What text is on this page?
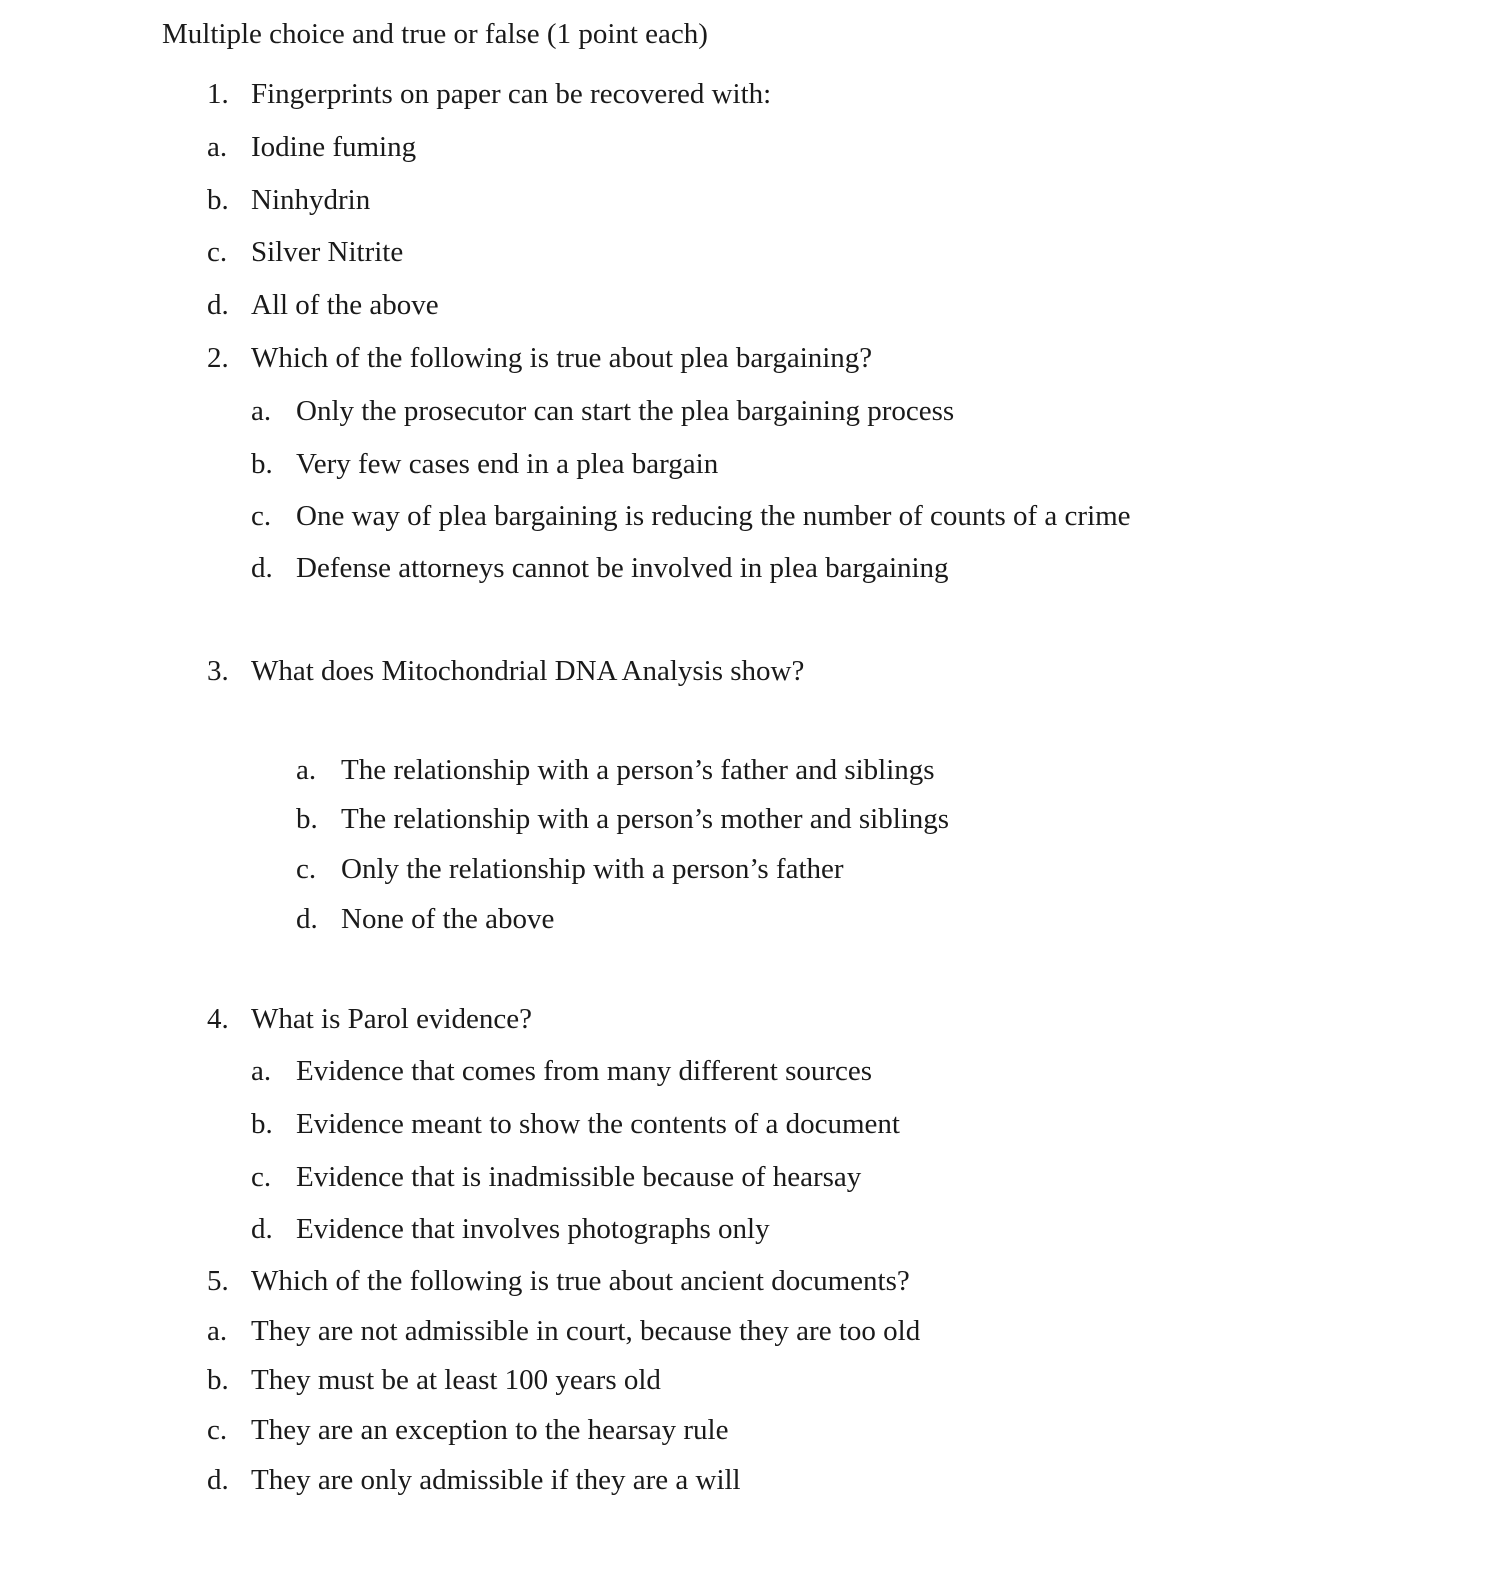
Multiple choice and true or false (1 point each)
1. Fingerprints on paper can be recovered with:
a. Iodine fuming
b. Ninhydrin
c. Silver Nitrite
d. All of the above
2. Which of the following is true about plea bargaining?
a. Only the prosecutor can start the plea bargaining process
b. Very few cases end in a plea bargain
c. One way of plea bargaining is reducing the number of counts of a crime
d. Defense attorneys cannot be involved in plea bargaining
3. What does Mitochondrial DNA Analysis show?
a. The relationship with a person’s father and siblings
b. The relationship with a person’s mother and siblings
c. Only the relationship with a person’s father
d. None of the above
4. What is Parol evidence?
a. Evidence that comes from many different sources
b. Evidence meant to show the contents of a document
c. Evidence that is inadmissible because of hearsay
d. Evidence that involves photographs only
5. Which of the following is true about ancient documents?
a. They are not admissible in court, because they are too old
b. They must be at least 100 years old
c. They are an exception to the hearsay rule
d. They are only admissible if they are a will
